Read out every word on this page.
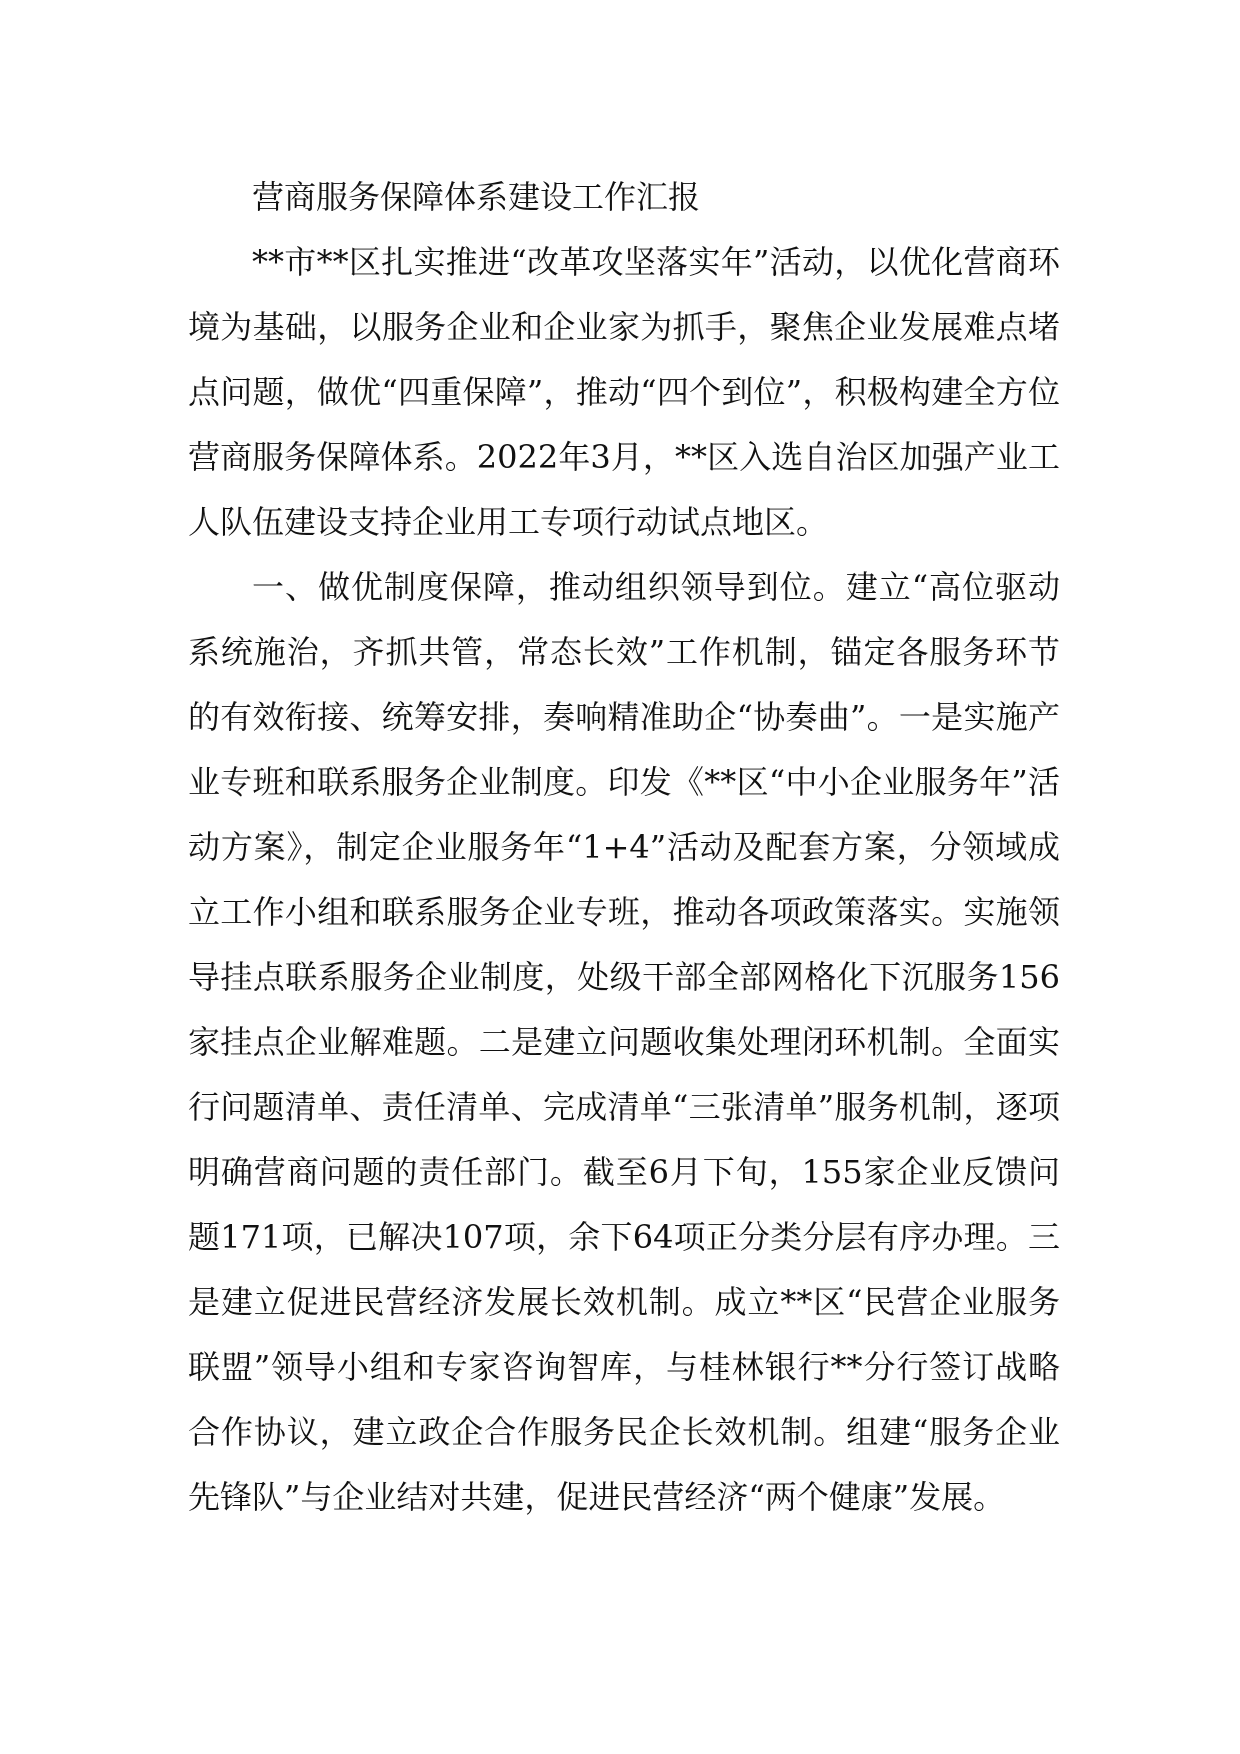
营商服务保障体系建设工作汇报

**市**区扎实推进“改革攻坚落实年”活动，以优化营商环境为基础，以服务企业和企业家为抓手，聚焦企业发展难点堵点问题，做优“四重保障”，推动“四个到位”，积极构建全方位营商服务保障体系。2022年3月，**区入选自治区加强产业工人队伍建设支持企业用工专项行动试点地区。

一、做优制度保障，推动组织领导到位。建立“高位驱动系统施治，齐抓共管，常态长效”工作机制，锚定各服务环节的有效衔接、统筹安排，奏响精准助企“协奏曲”。一是实施产业专班和联系服务企业制度。印发《**区“中小企业服务年”活动方案》，制定企业服务年“1+4”活动及配套方案，分领域成立工作小组和联系服务企业专班，推动各项政策落实。实施领导挂点联系服务企业制度，处级干部全部网格化下沉服务156家挂点企业解难题。二是建立问题收集处理闭环机制。全面实行问题清单、责任清单、完成清单“三张清单”服务机制，逐项明确营商问题的责任部门。截至6月下旬，155家企业反馈问题171项，已解决107项，余下64项正分类分层有序办理。三是建立促进民营经济发展长效机制。成立**区“民营企业服务联盟”领导小组和专家咨询智库，与桂林银行**分行签订战略合作协议，建立政企合作服务民企长效机制。组建“服务企业先锋队”与企业结对共建，促进民营经济“两个健康”发展。
